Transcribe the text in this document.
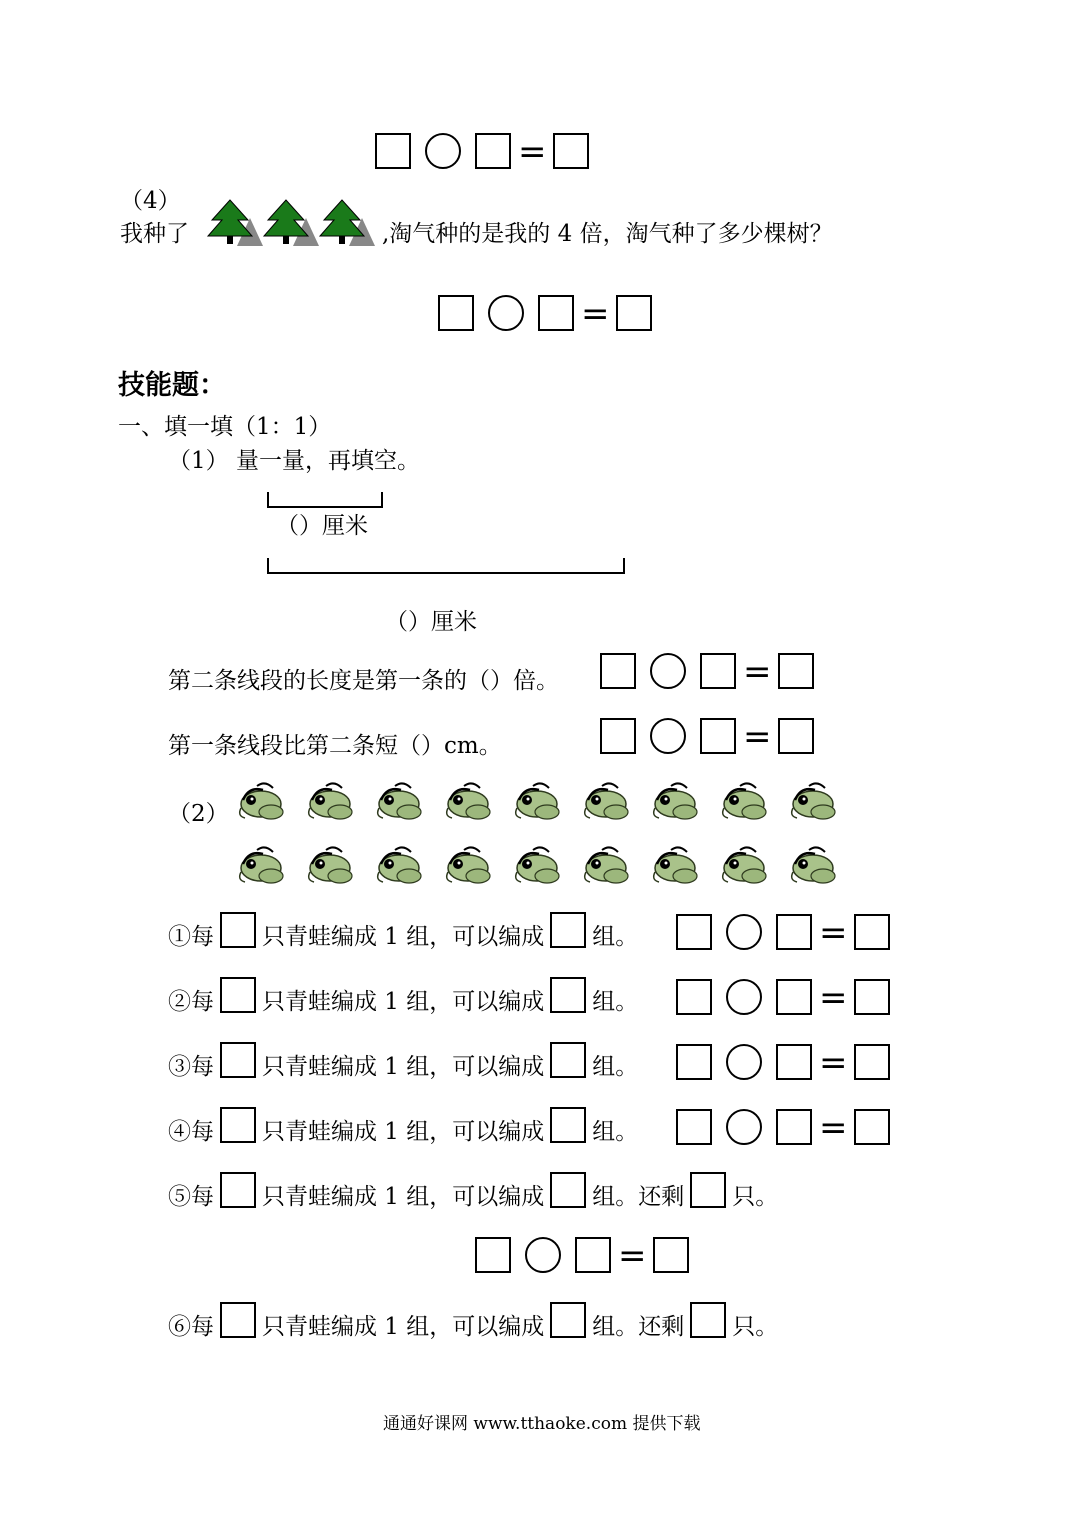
=
（4）
我种了	,淘气种的是我的 4 倍，淘气种了多少棵树？
=
技能题：
一、填一填（1：1）
（1） 量一量，再填空。
（）厘米
（）厘米
第二条线段的长度是第一条的（）倍。	=
第一条线段比第二条短（）cm。	=
（2）
①每 只青蛙编成 1 组，可以编成 组。	=
②每 只青蛙编成 1 组，可以编成 组。	=
③每 只青蛙编成 1 组，可以编成 组。	=
④每 只青蛙编成 1 组，可以编成 组。	=
⑤每 只青蛙编成 1 组，可以编成 组。还剩 只。
⑥每 只青蛙编成 1 组，可以编成 组。还剩 只。
=
通通好课网 www.tthaoke.com 提供下载
